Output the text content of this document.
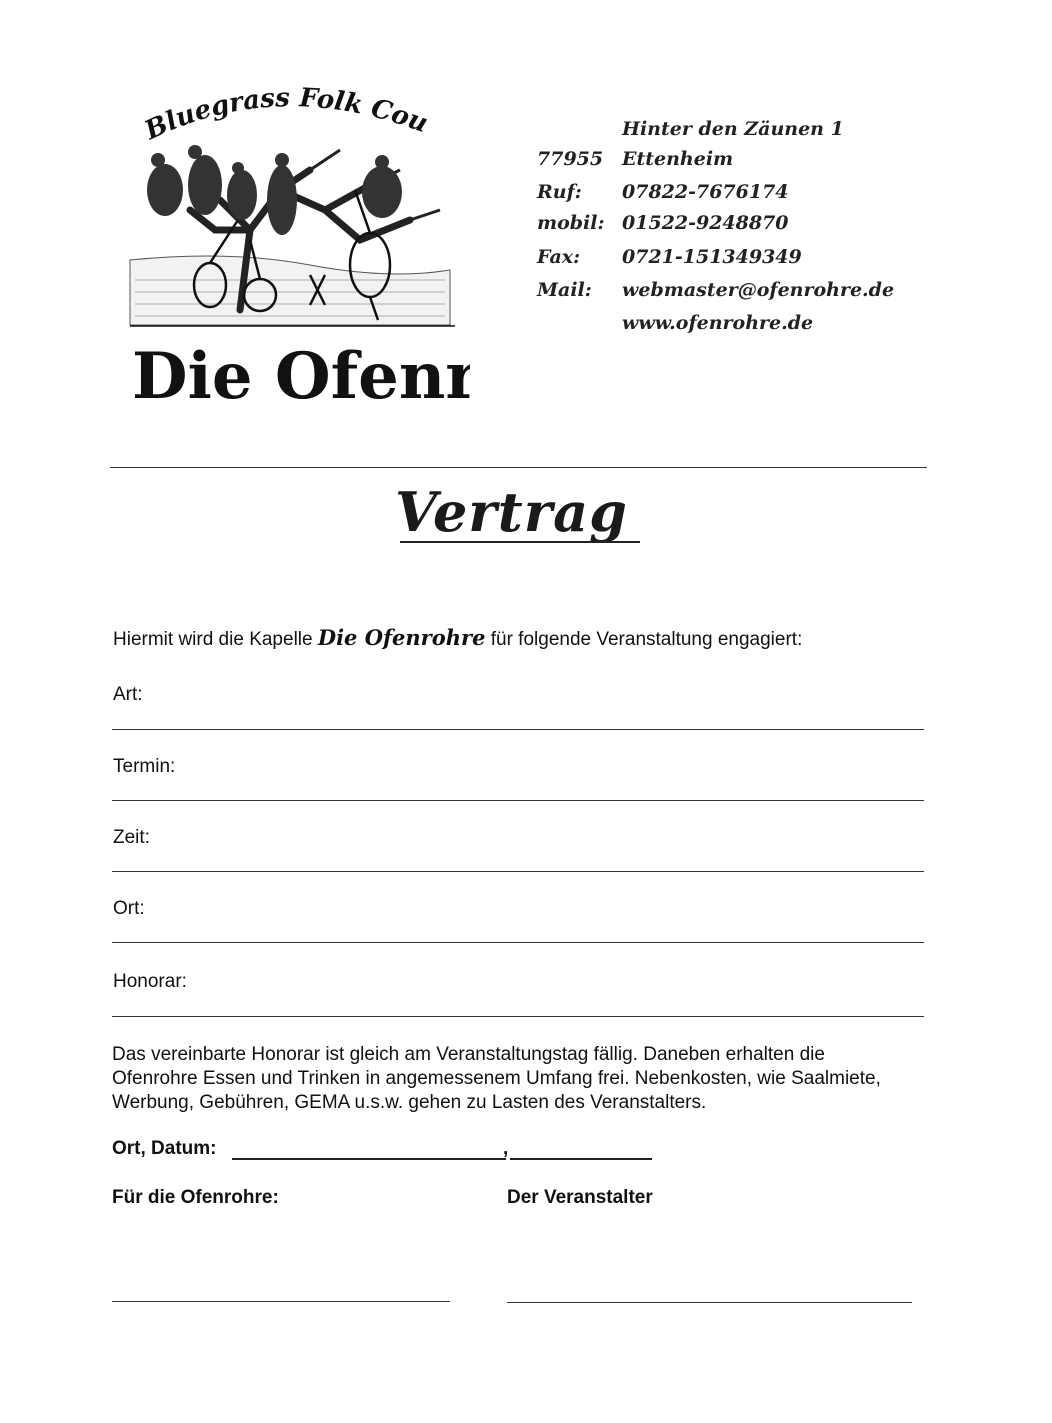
Bluegrass Folk Cou
Die Ofenr
Hinter den Zäunen 1
77955 Ettenheim
Ruf: 07822-7676174
mobil: 01522-9248870
Fax: 0721-151349349
Mail: webmaster@ofenrohre.de
www.ofenrohre.de
Vertrag
Hiermit wird die Kapelle Die Ofenrohre für folgende Veranstaltung engagiert:
Art:
Termin:
Zeit:
Ort:
Honorar:
Das vereinbarte Honorar ist gleich am Veranstaltungstag fällig. Daneben erhalten die Ofenrohre Essen und Trinken in angemessenem Umfang frei. Nebenkosten, wie Saalmiete, Werbung, Gebühren, GEMA u.s.w. gehen zu Lasten des Veranstalters.
Ort, Datum:	,
Für die Ofenrohre:	Der Veranstalter
